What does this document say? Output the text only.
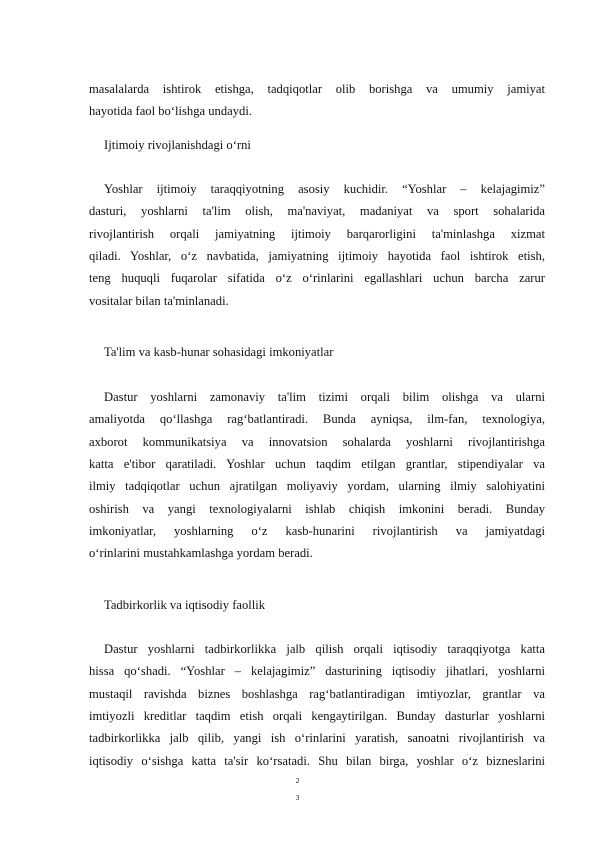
masalalarda ishtirok etishga, tadqiqotlar olib borishga va umumiy jamiyat
hayotida faol bo‘lishga undaydi.
Ijtimoiy rivojlanishdagi o‘rni
Yoshlar ijtimoiy taraqqiyotning asosiy kuchidir. “Yoshlar – kelajagimiz”
dasturi, yoshlarni ta'lim olish, ma'naviyat, madaniyat va sport sohalarida
rivojlantirish orqali jamiyatning ijtimoiy barqarorligini ta'minlashga xizmat
qiladi. Yoshlar, o‘z navbatida, jamiyatning ijtimoiy hayotida faol ishtirok etish,
teng huquqli fuqarolar sifatida o‘z o‘rinlarini egallashlari uchun barcha zarur
vositalar bilan ta'minlanadi.
Ta'lim va kasb-hunar sohasidagi imkoniyatlar
Dastur yoshlarni zamonaviy ta'lim tizimi orqali bilim olishga va ularni
amaliyotda qo‘llashga rag‘batlantiradi. Bunda ayniqsa, ilm-fan, texnologiya,
axborot kommunikatsiya va innovatsion sohalarda yoshlarni rivojlantirishga
katta e'tibor qaratiladi. Yoshlar uchun taqdim etilgan grantlar, stipendiyalar va
ilmiy tadqiqotlar uchun ajratilgan moliyaviy yordam, ularning ilmiy salohiyatini
oshirish va yangi texnologiyalarni ishlab chiqish imkonini beradi. Bunday
imkoniyatlar, yoshlarning o‘z kasb-hunarini rivojlantirish va jamiyatdagi
o‘rinlarini mustahkamlashga yordam beradi.
Tadbirkorlik va iqtisodiy faollik
Dastur yoshlarni tadbirkorlikka jalb qilish orqali iqtisodiy taraqqiyotga katta
hissa qo‘shadi. “Yoshlar – kelajagimiz” dasturining iqtisodiy jihatlari, yoshlarni
mustaqil ravishda biznes boshlashga rag‘batlantiradigan imtiyozlar, grantlar va
imtiyozli kreditlar taqdim etish orqali kengaytirilgan. Bunday dasturlar yoshlarni
tadbirkorlikka jalb qilib, yangi ish o‘rinlarini yaratish, sanoatni rivojlantirish va
iqtisodiy o‘sishga katta ta'sir ko‘rsatadi. Shu bilan birga, yoshlar o‘z bizneslarini
2
3
